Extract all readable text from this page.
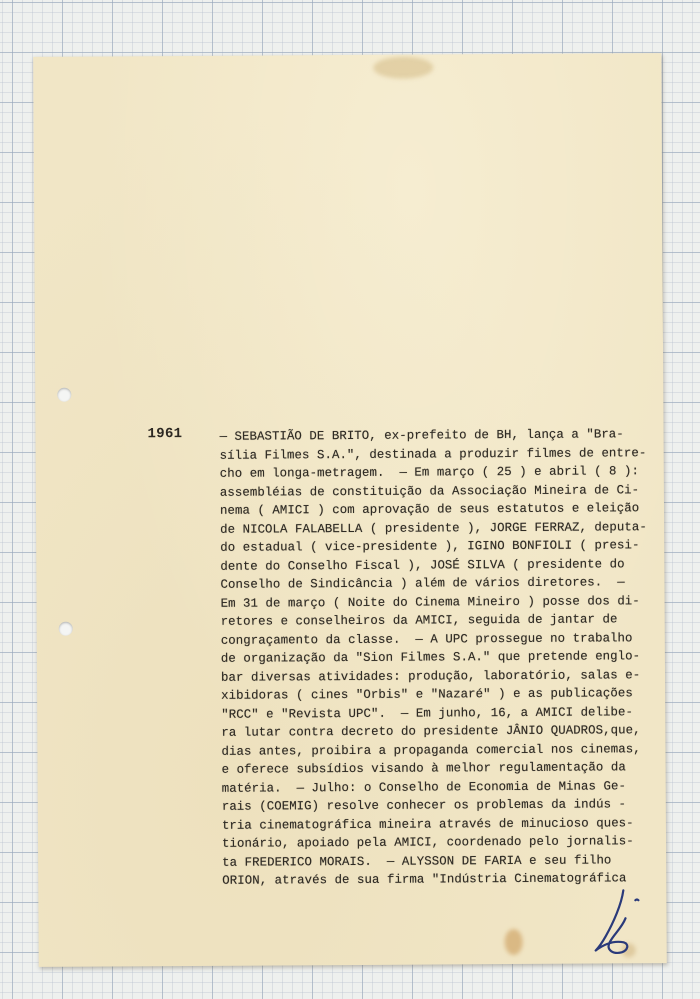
1961	— SEBASTIÃO DE BRITO, ex-prefeito de BH, lança a "Bra-
sília Filmes S.A.", destinada a produzir filmes de entre-
cho em longa-metragem.  — Em março ( 25 ) e abril ( 8 ):
assembléias de constituição da Associação Mineira de Ci-
nema ( AMICI ) com aprovação de seus estatutos e eleição
de NICOLA FALABELLA ( presidente ), JORGE FERRAZ, deputa-
do estadual ( vice-presidente ), IGINO BONFIOLI ( presi-
dente do Conselho Fiscal ), JOSÉ SILVA ( presidente do
Conselho de Sindicância ) além de vários diretores.  —
Em 31 de março ( Noite do Cinema Mineiro ) posse dos di-
retores e conselheiros da AMICI, seguida de jantar de
congraçamento da classe.  — A UPC prossegue no trabalho
de organização da "Sion Filmes S.A." que pretende englo-
bar diversas atividades: produção, laboratório, salas e-
xibidoras ( cines "Orbis" e "Nazaré" ) e as publicações
"RCC" e "Revista UPC".  — Em junho, 16, a AMICI delibe-
ra lutar contra decreto do presidente JÂNIO QUADROS,que,
dias antes, proibira a propaganda comercial nos cinemas,
e oferece subsídios visando à melhor regulamentação da
matéria.  — Julho: o Conselho de Economia de Minas Ge-
rais (COEMIG) resolve conhecer os problemas da indús -
tria cinematográfica mineira através de minucioso ques-
tionário, apoiado pela AMICI, coordenado pelo jornalis-
ta FREDERICO MORAIS.  — ALYSSON DE FARIA e seu filho
ORION, através de sua firma "Indústria Cinematográfica
